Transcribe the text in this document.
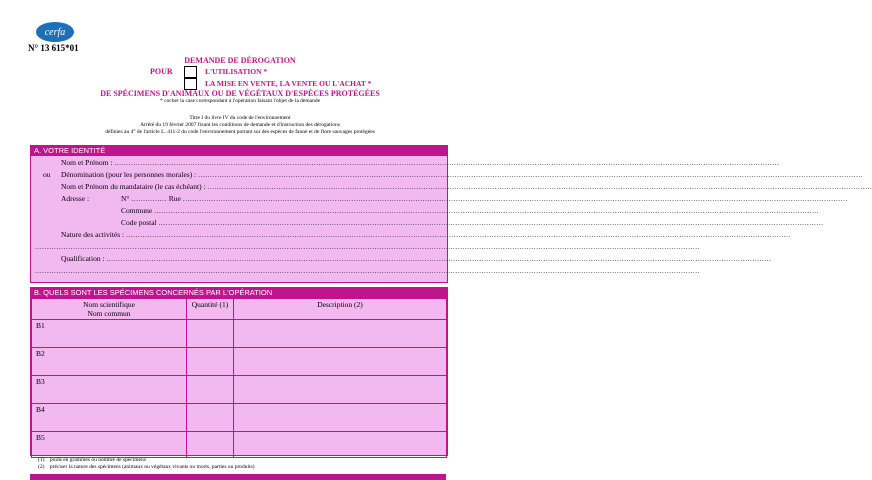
cerfa
N° 13 615*01
DEMANDE DE DÉROGATION
POUR	L'UTILISATION *
LA MISE EN VENTE, LA VENTE OU L'ACHAT *
DE SPÉCIMENS D'ANIMAUX OU DE VÉGÉTAUX D'ESPÈCES PROTÉGÉES
* cocher la case correspondant à l'opération faisant l'objet de la demande
Titre I du livre IV du code de l'environnement
Arrêté du 19 février 2007 fixant les conditions de demande et d'instruction des dérogations
définies au 4° de l'article L. 411-2 du code l'environnement portant sur des espèces de faune et de flore sauvages protégées
A. VOTRE IDENTITÉ
Nom et Prénom : ........................................................................................................................................................................................................................................................................................
ou	Dénomination (pour les personnes morales) : ........................................................................................................................................................................................................................................................................................
Nom et Prénom du mandataire (le cas échéant) : ........................................................................................................................................................................................................................................................................................
Adresse :	N° ............... Rue ........................................................................................................................................................................................................................................................................................
Commune ........................................................................................................................................................................................................................................................................................
Code postal ........................................................................................................................................................................................................................................................................................
Nature des activités : ........................................................................................................................................................................................................................................................................................
........................................................................................................................................................................................................................................................................................
Qualification : ........................................................................................................................................................................................................................................................................................
........................................................................................................................................................................................................................................................................................
B. QUELS SONT LES SPÉCIMENS CONCERNÉS PAR L'OPÉRATION
Nom scientifique
Nom commun	Quantité (1)	Description (2)
B1		
B2		
B3		
B4		
B5		
(1) poids en grammes ou nombre de spécimens
(2) préciser la nature des spécimens (animaux ou végétaux vivants ou morts, parties ou produits)
